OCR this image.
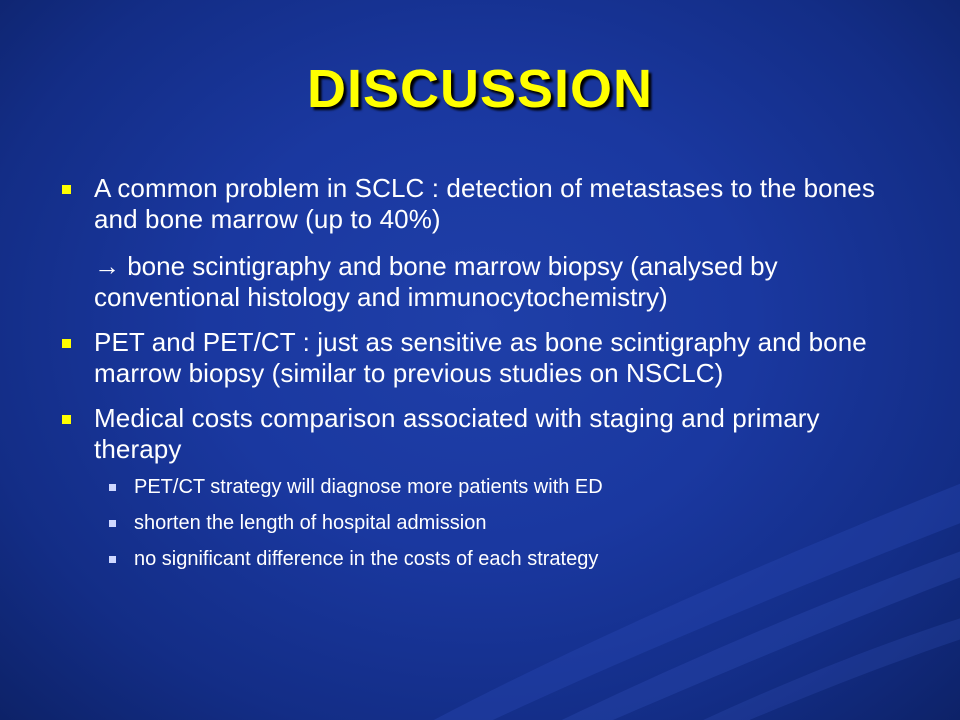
DISCUSSION
A common problem in SCLC : detection of metastases to the bones and bone marrow (up to 40%)
→ bone scintigraphy and bone marrow biopsy (analysed by conventional histology and immunocytochemistry)
PET and PET/CT : just as sensitive as bone scintigraphy and bone marrow biopsy (similar to previous studies on NSCLC)
Medical costs comparison associated with staging and primary therapy
PET/CT strategy will diagnose more patients with ED
shorten the length of hospital admission
no significant difference in the costs of each strategy
